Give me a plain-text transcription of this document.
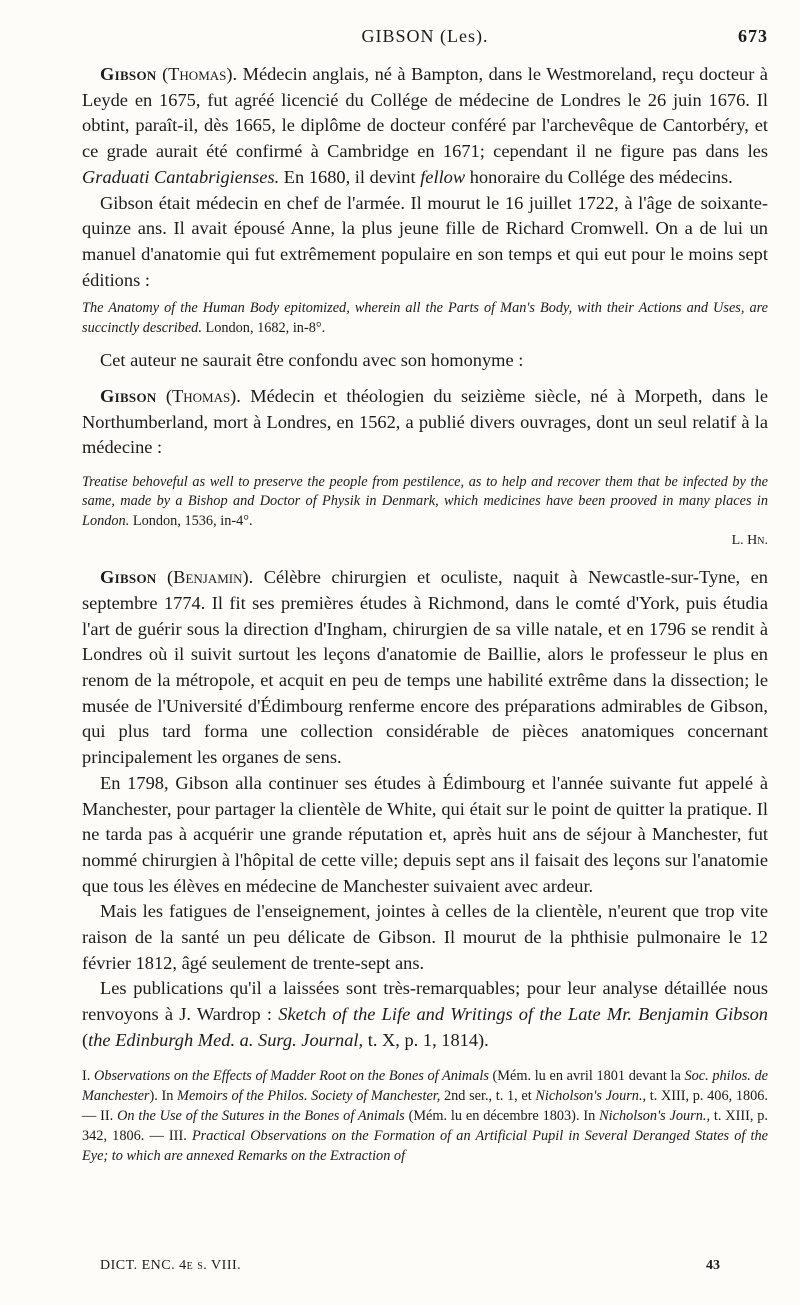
GIBSON (Les).	673

Gibson (Thomas). Médecin anglais, né à Bampton, dans le Westmoreland, reçu docteur à Leyde en 1675, fut agréé licencié du Collége de médecine de Londres le 26 juin 1676. Il obtint, paraît-il, dès 1665, le diplôme de docteur conféré par l'archevêque de Cantorbéry, et ce grade aurait été confirmé à Cambridge en 1671; cependant il ne figure pas dans les Graduati Cantabrigienses. En 1680, il devint fellow honoraire du Collége des médecins.

Gibson était médecin en chef de l'armée. Il mourut le 16 juillet 1722, à l'âge de soixante-quinze ans. Il avait épousé Anne, la plus jeune fille de Richard Cromwell. On a de lui un manuel d'anatomie qui fut extrêmement populaire en son temps et qui eut pour le moins sept éditions :

The Anatomy of the Human Body epitomized, wherein all the Parts of Man's Body, with their Actions and Uses, are succinctly described. London, 1682, in-8°.

Cet auteur ne saurait être confondu avec son homonyme :

Gibson (Thomas). Médecin et théologien du seizième siècle, né à Morpeth, dans le Northumberland, mort à Londres, en 1562, a publié divers ouvrages, dont un seul relatif à la médecine :

Treatise behoveful as well to preserve the people from pestilence, as to help and recover them that be infected by the same, made by a Bishop and Doctor of Physik in Denmark, which medicines have been prooved in many places in London. London, 1536, in-4°.

L. Hn.

Gibson (Benjamin). Célèbre chirurgien et oculiste, naquit à Newcastle-sur-Tyne, en septembre 1774. Il fit ses premières études à Richmond, dans le comté d'York, puis étudia l'art de guérir sous la direction d'Ingham, chirurgien de sa ville natale, et en 1796 se rendit à Londres où il suivit surtout les leçons d'anatomie de Baillie, alors le professeur le plus en renom de la métropole, et acquit en peu de temps une habilité extrême dans la dissection; le musée de l'Université d'Édimbourg renferme encore des préparations admirables de Gibson, qui plus tard forma une collection considérable de pièces anatomiques concernant principalement les organes de sens.

En 1798, Gibson alla continuer ses études à Édimbourg et l'année suivante fut appelé à Manchester, pour partager la clientèle de White, qui était sur le point de quitter la pratique. Il ne tarda pas à acquérir une grande réputation et, après huit ans de séjour à Manchester, fut nommé chirurgien à l'hôpital de cette ville; depuis sept ans il faisait des leçons sur l'anatomie que tous les élèves en médecine de Manchester suivaient avec ardeur.

Mais les fatigues de l'enseignement, jointes à celles de la clientèle, n'eurent que trop vite raison de la santé un peu délicate de Gibson. Il mourut de la phthisie pulmonaire le 12 février 1812, âgé seulement de trente-sept ans.

Les publications qu'il a laissées sont très-remarquables; pour leur analyse détaillée nous renvoyons à J. Wardrop : Sketch of the Life and Writings of the Late Mr. Benjamin Gibson (the Edinburgh Med. a. Surg. Journal, t. X, p. 1, 1814).

I. Observations on the Effects of Madder Root on the Bones of Animals (Mém. lu en avril 1801 devant la Soc. philos. de Manchester). In Memoirs of the Philos. Society of Manchester, 2nd ser., t. 1, et Nicholson's Journ., t. XIII, p. 406, 1806. — II. On the Use of the Sutures in the Bones of Animals (Mém. lu en décembre 1803). In Nicholson's Journ., t. XIII, p. 342, 1806. — III. Practical Observations on the Formation of an Artificial Pupil in Several Deranged States of the Eye; to which are annexed Remarks on the Extraction of

DICT. ENC. 4e s. VIII.	43
